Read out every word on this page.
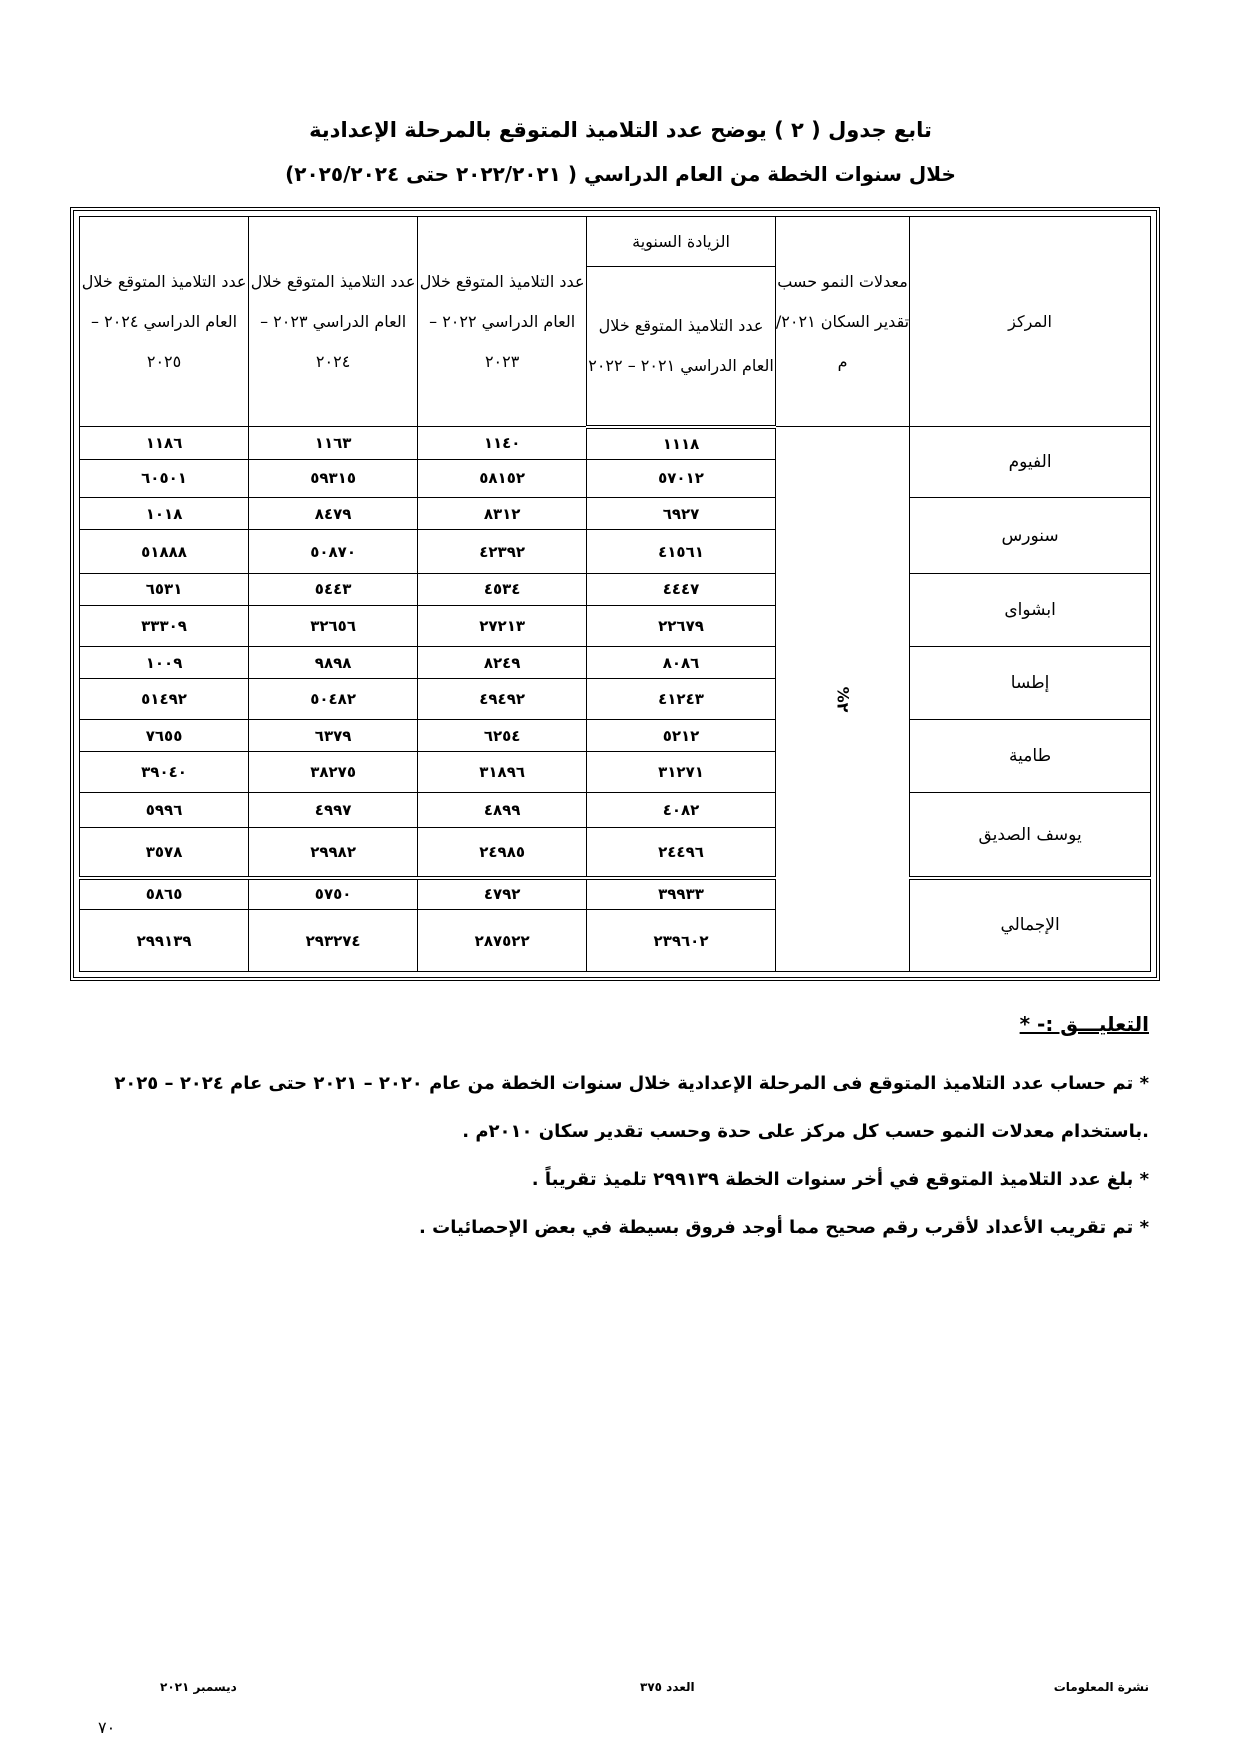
تابع جدول ( ٢ ) يوضح عدد التلاميذ المتوقع بالمرحلة الإعدادية
خلال سنوات الخطة من العام الدراسي ( ٢٠٢٢/٢٠٢١ حتى ٢٠٢٥/٢٠٢٤)
المركز	معدلات النمو حسب تقدير السكان ٢٠٢١/ م	الزيادة السنوية	عدد التلاميذ المتوقع خلال العام الدراسي ٢٠٢٢ – ٢٠٢٣	عدد التلاميذ المتوقع خلال العام الدراسي ٢٠٢٣ – ٢٠٢٤	عدد التلاميذ المتوقع خلال العام الدراسي ٢٠٢٤ – ٢٠٢٥
		عدد التلاميذ المتوقع خلال العام الدراسي ٢٠٢١ – ٢٠٢٢			
الفيوم	٢%	١١١٨	١١٤٠	١١٦٣	١١٨٦
		٥٧٠١٢	٥٨١٥٢	٥٩٣١٥	٦٠٥٠١
سنورس		٦٩٢٧	٨٣١٢	٨٤٧٩	١٠١٨
		٤١٥٦١	٤٢٣٩٢	٥٠٨٧٠	٥١٨٨٨
ابشواى		٤٤٤٧	٤٥٣٤	٥٤٤٣	٦٥٣١
		٢٢٦٧٩	٢٧٢١٣	٣٢٦٥٦	٣٣٣٠٩
إطسا		٨٠٨٦	٨٢٤٩	٩٨٩٨	١٠٠٩
		٤١٢٤٣	٤٩٤٩٢	٥٠٤٨٢	٥١٤٩٢
طامية		٥٢١٢	٦٢٥٤	٦٣٧٩	٧٦٥٥
		٣١٢٧١	٣١٨٩٦	٣٨٢٧٥	٣٩٠٤٠
يوسف الصديق		٤٠٨٢	٤٨٩٩	٤٩٩٧	٥٩٩٦
		٢٤٤٩٦	٢٤٩٨٥	٢٩٩٨٢	٣٥٧٨
الإجمالي		٣٩٩٣٣	٤٧٩٢	٥٧٥٠	٥٨٦٥
		٢٣٩٦٠٢	٢٨٧٥٢٢	٢٩٣٢٧٤	٢٩٩١٣٩
التعليـــق :- *

* تم حساب عدد التلاميذ المتوقع فى المرحلة الإعدادية خلال سنوات الخطة من عام ٢٠٢٠ – ٢٠٢١ حتى عام ٢٠٢٤ – ٢٠٢٥ .باستخدام معدلات النمو حسب كل مركز على حدة وحسب تقدير سكان ٢٠١٠م .

* بلغ عدد التلاميذ المتوقع في أخر سنوات الخطة ٢٩٩١٣٩ تلميذ تقريباً .

* تم تقريب الأعداد لأقرب رقم صحيح مما أوجد فروق بسيطة في بعض الإحصائيات .

نشرة المعلومات
العدد ٣٧٥
ديسمبر ٢٠٢١
٧٠
